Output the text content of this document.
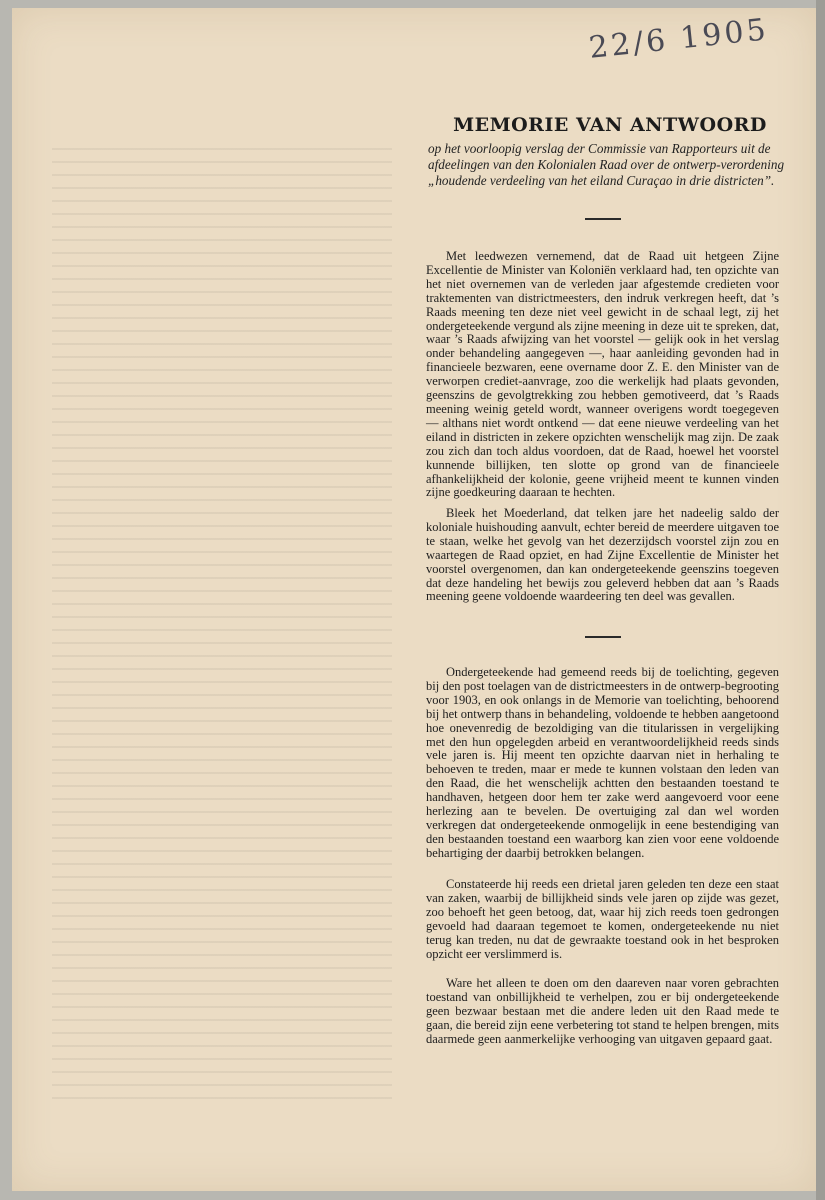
22/6 1905
MEMORIE VAN ANTWOORD
op het voorloopig verslag der Commissie van Rapporteurs uit de afdeelingen van den Kolonialen Raad over de ontwerp-verordening „houdende verdeeling van het eiland Curaçao in drie districten”.

Met leedwezen vernemend, dat de Raad uit hetgeen Zijne Excellentie de Minister van Koloniën verklaard had, ten opzichte van het niet overnemen van de verleden jaar afgestemde credieten voor traktementen van districtmeesters, den indruk verkregen heeft, dat ’s Raads meening ten deze niet veel gewicht in de schaal legt, zij het ondergeteekende vergund als zijne meening in deze uit te spreken, dat, waar ’s Raads afwijzing van het voorstel — gelijk ook in het verslag onder behandeling aangegeven —, haar aanleiding gevonden had in financieele bezwaren, eene overname door Z. E. den Minister van de verworpen crediet-aanvrage, zoo die werkelijk had plaats gevonden, geenszins de gevolgtrekking zou hebben gemotiveerd, dat ’s Raads meening weinig geteld wordt, wanneer overigens wordt toegegeven — althans niet wordt ontkend — dat eene nieuwe verdeeling van het eiland in districten in zekere opzichten wenschelijk mag zijn. De zaak zou zich dan toch aldus voordoen, dat de Raad, hoewel het voorstel kunnende billijken, ten slotte op grond van de financieele afhankelijkheid der kolonie, geene vrijheid meent te kunnen vinden zijne goedkeuring daaraan te hechten.

Bleek het Moederland, dat telken jare het nadeelig saldo der koloniale huishouding aanvult, echter bereid de meerdere uitgaven toe te staan, welke het gevolg van het dezerzijdsch voorstel zijn zou en waartegen de Raad opziet, en had Zijne Excellentie de Minister het voorstel overgenomen, dan kan ondergeteekende geenszins toegeven dat deze handeling het bewijs zou geleverd hebben dat aan ’s Raads meening geene voldoende waardeering ten deel was gevallen.

Ondergeteekende had gemeend reeds bij de toelichting, gegeven bij den post toelagen van de districtmeesters in de ontwerp-begrooting voor 1903, en ook onlangs in de Memorie van toelichting, behoorend bij het ontwerp thans in behandeling, voldoende te hebben aangetoond hoe onevenredig de bezoldiging van die titularissen in vergelijking met den hun opgelegden arbeid en verantwoordelijkheid reeds sinds vele jaren is. Hij meent ten opzichte daarvan niet in herhaling te behoeven te treden, maar er mede te kunnen volstaan den leden van den Raad, die het wenschelijk achtten den bestaanden toestand te handhaven, hetgeen door hem ter zake werd aangevoerd voor eene herlezing aan te bevelen. De overtuiging zal dan wel worden verkregen dat ondergeteekende onmogelijk in eene bestendiging van den bestaanden toestand een waarborg kan zien voor eene voldoende behartiging der daarbij betrokken belangen.

Constateerde hij reeds een drietal jaren geleden ten deze een staat van zaken, waarbij de billijkheid sinds vele jaren op zijde was gezet, zoo behoeft het geen betoog, dat, waar hij zich reeds toen gedrongen gevoeld had daaraan tegemoet te komen, ondergeteekende nu niet terug kan treden, nu dat de gewraakte toestand ook in het besproken opzicht eer verslimmerd is.

Ware het alleen te doen om den daareven naar voren gebrachten toestand van onbillijkheid te verhelpen, zou er bij ondergeteekende geen bezwaar bestaan met die andere leden uit den Raad mede te gaan, die bereid zijn eene verbetering tot stand te helpen brengen, mits daarmede geen aanmerkelijke verhooging van uitgaven gepaard gaat.
